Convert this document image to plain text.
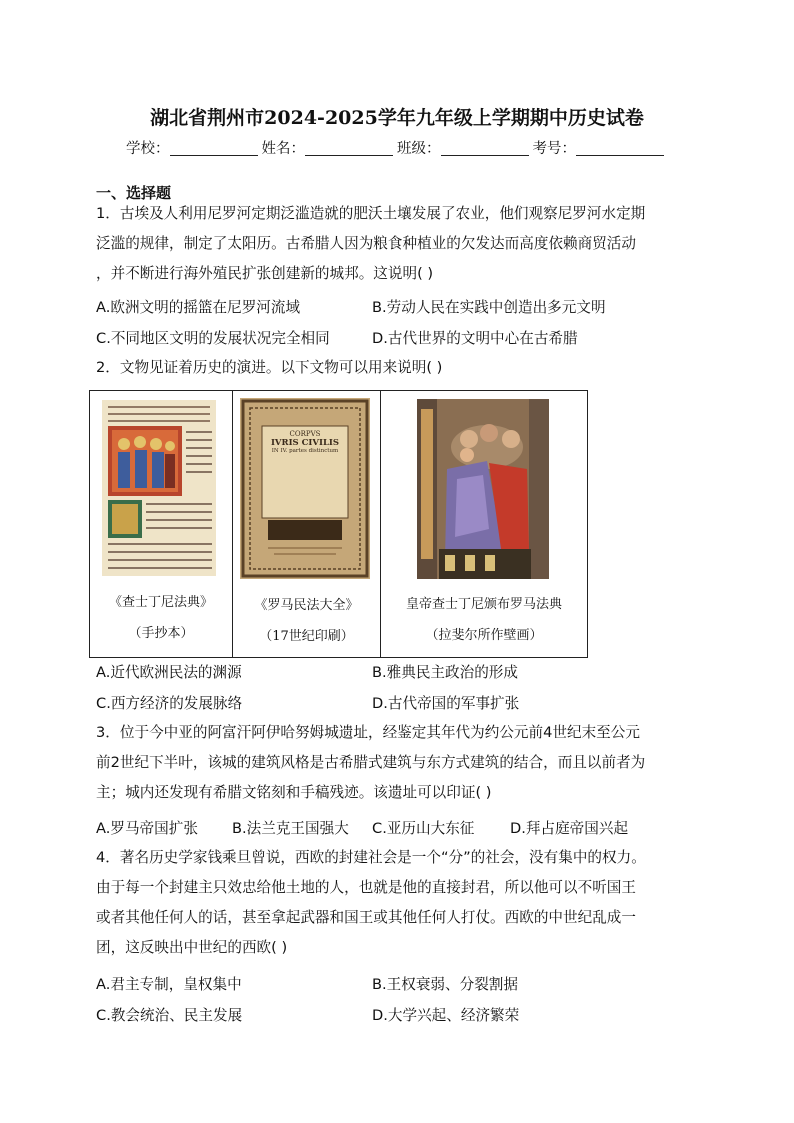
湖北省荆州市2024-2025学年九年级上学期期中历史试卷
学校：	姓名：	班级：	考号：
一、选择题
1．古埃及人利用尼罗河定期泛滥造就的肥沃土壤发展了农业，他们观察尼罗河水定期
泛滥的规律，制定了太阳历。古希腊人因为粮食种植业的欠发达而高度依赖商贸活动
，并不断进行海外殖民扩张创建新的城邦。这说明( )
A.欧洲文明的摇篮在尼罗河流域	B.劳动人民在实践中创造出多元文明
C.不同地区文明的发展状况完全相同	D.古代世界的文明中心在古希腊
2．文物见证着历史的演进。以下文物可以用来说明( )
《查士丁尼法典》
（手抄本）
CORPVS
IVRIS CIVILIS
IN IV. partes distinctum
《罗马民法大全》
（17世纪印刷）
皇帝查士丁尼颁布罗马法典
（拉斐尔所作壁画）
A.近代欧洲民法的渊源	B.雅典民主政治的形成
C.西方经济的发展脉络	D.古代帝国的军事扩张
3．位于今中亚的阿富汗阿伊哈努姆城遗址，经鉴定其年代为约公元前4世纪末至公元
前2世纪下半叶，该城的建筑风格是古希腊式建筑与东方式建筑的结合，而且以前者为
主；城内还发现有希腊文铭刻和手稿残迹。该遗址可以印证( )
A.罗马帝国扩张 B.法兰克王国强大 C.亚历山大东征 D.拜占庭帝国兴起
4．著名历史学家钱乘旦曾说，西欧的封建社会是一个“分”的社会，没有集中的权力。
由于每一个封建主只效忠给他土地的人，也就是他的直接封君，所以他可以不听国王
或者其他任何人的话，甚至拿起武器和国王或其他任何人打仗。西欧的中世纪乱成一
团，这反映出中世纪的西欧( )
A.君主专制，皇权集中	B.王权衰弱、分裂割据
C.教会统治、民主发展	D.大学兴起、经济繁荣
